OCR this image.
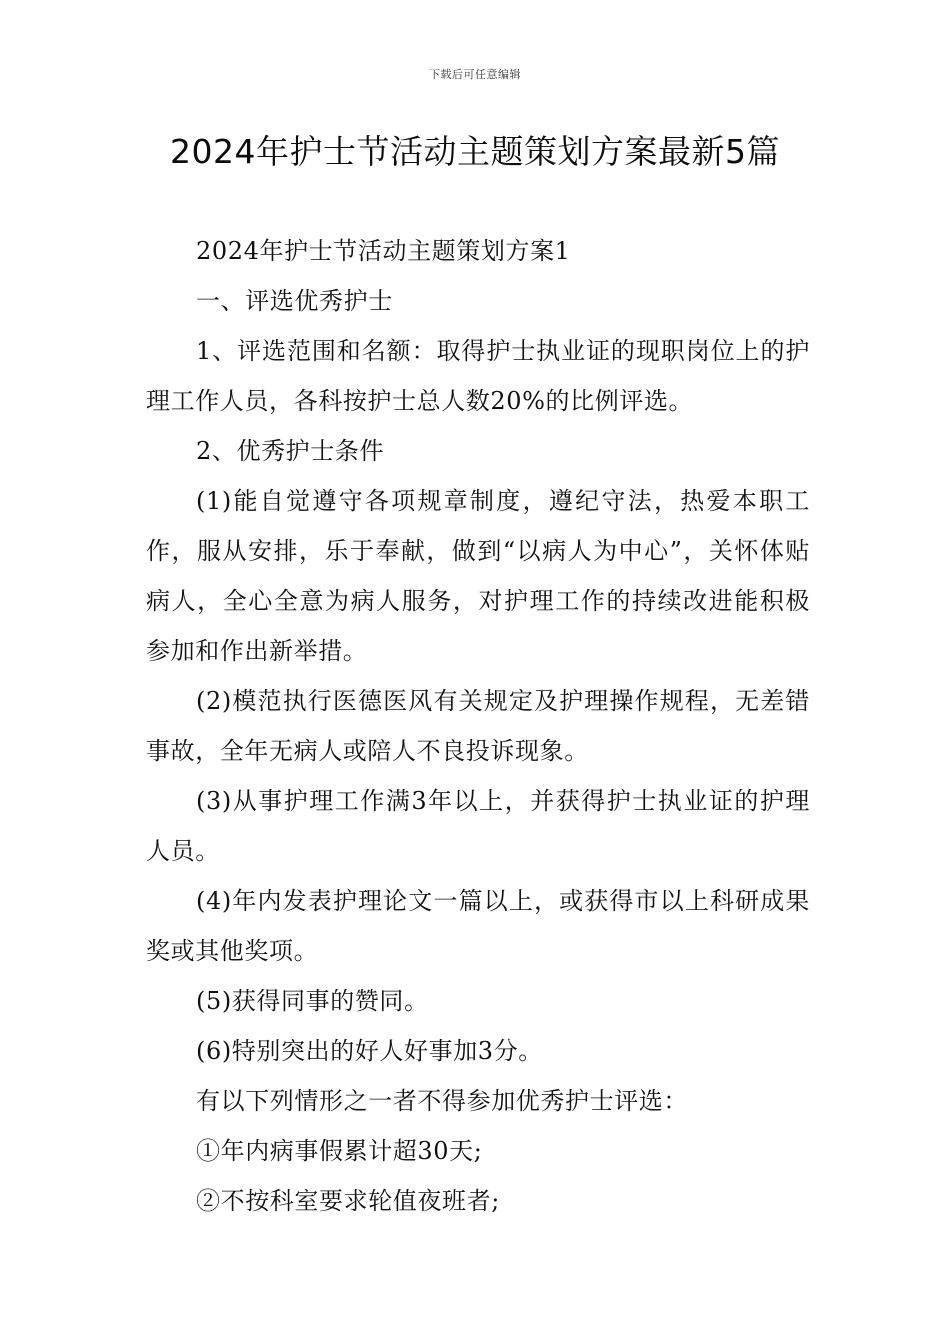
下载后可任意编辑
2024年护士节活动主题策划方案最新5篇

2024年护士节活动主题策划方案1

一、评选优秀护士

1、评选范围和名额：取得护士执业证的现职岗位上的护理工作人员，各科按护士总人数20%的比例评选。

2、优秀护士条件

(1)能自觉遵守各项规章制度，遵纪守法，热爱本职工作，服从安排，乐于奉献，做到“以病人为中心”，关怀体贴病人，全心全意为病人服务，对护理工作的持续改进能积极参加和作出新举措。

(2)模范执行医德医风有关规定及护理操作规程，无差错事故，全年无病人或陪人不良投诉现象。

(3)从事护理工作满3年以上，并获得护士执业证的护理人员。

(4)年内发表护理论文一篇以上，或获得市以上科研成果奖或其他奖项。

(5)获得同事的赞同。

(6)特别突出的好人好事加3分。

有以下列情形之一者不得参加优秀护士评选：

①年内病事假累计超30天;

②不按科室要求轮值夜班者;
